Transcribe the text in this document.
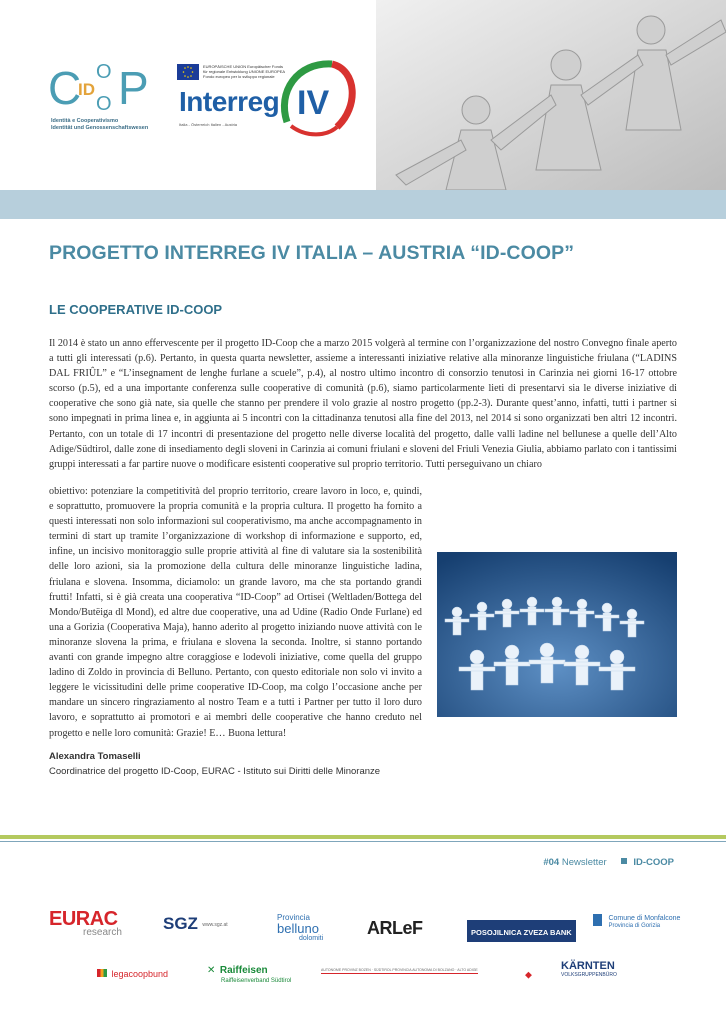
C O
ID
O P
Identità e Cooperativismo
Identität und Genossenschaftswesen
EUROPÄISCHE UNION Europäischer Fonds für regionale Entwicklung UNIONE EUROPEA Fondo europeo per lo sviluppo regionale
Interreg IV
Italia - Österreich Italien - Austria
PROGETTO INTERREG IV ITALIA – AUSTRIA “ID-COOP”
LE COOPERATIVE ID-COOP

Il 2014 è stato un anno effervescente per il progetto ID-Coop che a marzo 2015 volgerà al termine con l’organizzazione del nostro Convegno finale aperto a tutti gli interessati (p.6). Pertanto, in questa quarta newsletter, assieme a interessanti iniziative relative alla minoranze linguistiche friulana (“LADINS DAL FRIÛL” e “L’insegnament de lenghe furlane a scuele”, p.4), al nostro ultimo incontro di consorzio tenutosi in Carinzia nei giorni 16-17 ottobre scorso (p.5), ed a una importante conferenza sulle cooperative di comunità (p.6), siamo particolarmente lieti di presentarvi sia le diverse iniziative di cooperative che sono già nate, sia quelle che stanno per prendere il volo grazie al nostro progetto (pp.2-3). Durante quest’anno, infatti, tutti i partner si sono impegnati in prima linea e, in aggiunta ai 5 incontri con la cittadinanza tenutosi alla fine del 2013, nel 2014 si sono organizzati ben altri 12 incontri. Pertanto, con un totale di 17 incontri di presentazione del progetto nelle diverse località del progetto, dalle valli ladine nel bellunese a quelle dell’Alto Adige/Südtirol, dalle zone di insediamento degli sloveni in Carinzia ai comuni friulani e sloveni del Friuli Venezia Giulia, abbiamo parlato con i tantissimi gruppi interessati a far partire nuove o modificare esistenti cooperative sul proprio territorio. Tutti perseguivano un chiaro

obiettivo: potenziare la competitività del proprio territorio, creare lavoro in loco, e, quindi, e soprattutto, promuovere la propria comunità e la propria cultura. Il progetto ha fornito a questi interessati non solo informazioni sul cooperativismo, ma anche accompagnamento in termini di start up tramite l’organizzazione di workshop di informazione e supporto, ed, infine, un incisivo monitoraggio sulle proprie attività al fine di valutare sia la sostenibilità delle loro azioni, sia la promozione della cultura delle minoranze linguistiche ladina, friulana e slovena. Insomma, diciamolo: un grande lavoro, ma che sta portando grandi frutti! Infatti, si è già creata una cooperativa “ID-Coop” ad Ortisei (Weltladen/Bottega del Mondo/Butëiga dl Mond), ed altre due cooperative, una ad Udine (Radio Onde Furlane) ed una a Gorizia (Cooperativa Maja), hanno aderito al progetto iniziando nuove attività con le minoranze slovena la prima, e friulana e slovena la seconda. Inoltre, si stanno portando avanti con grande impegno altre coraggiose e lodevoli iniziative, come quella del gruppo ladino di Zoldo in provincia di Belluno. Pertanto, con questo editoriale non solo vi invito a leggere le vicissitudini delle prime cooperative ID-Coop, ma colgo l’occasione anche per mandare un sincero ringraziamento al nostro Team e a tutti i Partner per tutto il loro duro lavoro, e soprattutto ai promotori e ai membri delle cooperative che hanno creduto nel progetto e nelle loro comunità: Grazie! E… Buona lettura!

Alexandra Tomaselli
Coordinatrice del progetto ID-Coop, EURAC - Istituto sui Diritti delle Minoranze
#04 Newsletter	ID-COOP
EURAC
research SGZ www.sgz.at
Provincia
belluno
dolomiti
ARLeF	POSOJILNICA ZVEZA BANK

Comune di Monfalcone
Provincia di Gorizia
legacoopbund	✕ Raiffeisen
Raiffeisenverband Südtirol
AUTONOME PROVINZ BOZEN · SÜDTIROL PROVINCIA AUTONOMA DI BOLZANO · ALTO ADIGE	◆
KÄRNTEN
VOLKSGRUPPENBÜRO
